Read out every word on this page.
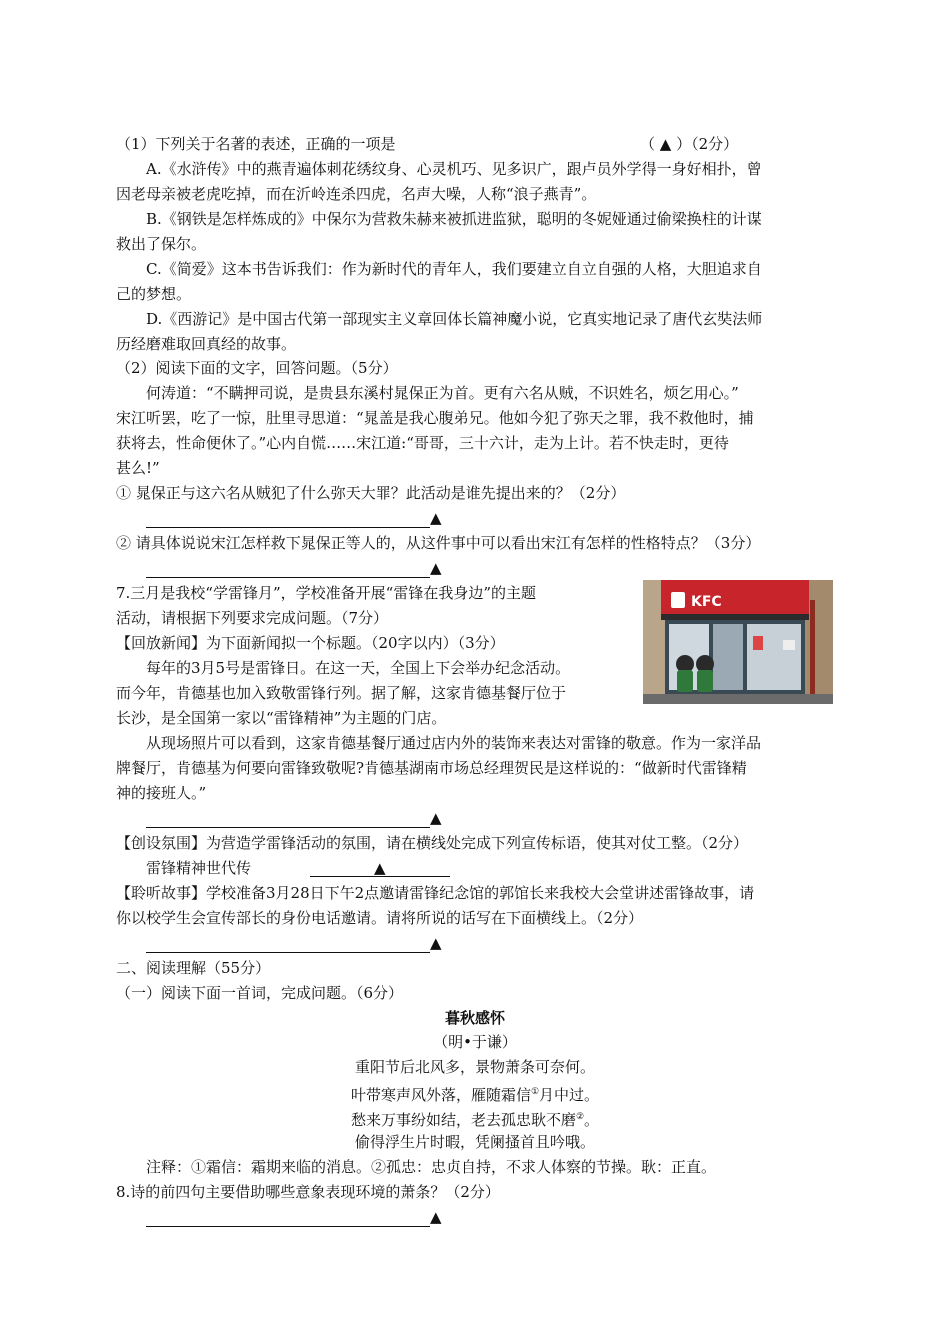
（1）下列关于名著的表述，正确的一项是	（ ▲ ）（2分）
A.《水浒传》中的燕青遍体刺花绣纹身、心灵机巧、见多识广，跟卢员外学得一身好相扑，曾
因老母亲被老虎吃掉，而在沂岭连杀四虎，名声大噪，人称“浪子燕青”。
B.《钢铁是怎样炼成的》中保尔为营救朱赫来被抓进监狱，聪明的冬妮娅通过偷梁换柱的计谋
救出了保尔。
C.《简爱》这本书告诉我们：作为新时代的青年人，我们要建立自立自强的人格，大胆追求自
己的梦想。
D.《西游记》是中国古代第一部现实主义章回体长篇神魔小说，它真实地记录了唐代玄奘法师
历经磨难取回真经的故事。
（2）阅读下面的文字，回答问题。（5分）
何涛道：“不瞒押司说，是贵县东溪村晁保正为首。更有六名从贼，不识姓名，烦乞用心。”
宋江听罢，吃了一惊，肚里寻思道：“晁盖是我心腹弟兄。他如今犯了弥天之罪，我不救他时，捕
获将去，性命便休了。”心内自慌……宋江道:“哥哥，三十六计，走为上计。若不快走时，更待
甚么!”
① 晁保正与这六名从贼犯了什么弥天大罪？此活动是谁先提出来的？（2分）
▲
② 请具体说说宋江怎样救下晁保正等人的，从这件事中可以看出宋江有怎样的性格特点？（3分）
▲
7.三月是我校“学雷锋月”，学校准备开展“雷锋在我身边”的主题
活动，请根据下列要求完成问题。（7分）
【回放新闻】为下面新闻拟一个标题。（20字以内）（3分）
每年的3月5号是雷锋日。在这一天，全国上下会举办纪念活动。
而今年，肯德基也加入致敬雷锋行列。据了解，这家肯德基餐厅位于
长沙，是全国第一家以“雷锋精神”为主题的门店。
从现场照片可以看到，这家肯德基餐厅通过店内外的装饰来表达对雷锋的敬意。作为一家洋品
牌餐厅，肯德基为何要向雷锋致敬呢?肯德基湖南市场总经理贺民是这样说的：“做新时代雷锋精
神的接班人。”
▲
【创设氛围】为营造学雷锋活动的氛围，请在横线处完成下列宣传标语，使其对仗工整。（2分）
雷锋精神世代传	▲
【聆听故事】学校准备3月28日下午2点邀请雷锋纪念馆的郭馆长来我校大会堂讲述雷锋故事，请
你以校学生会宣传部长的身份电话邀请。请将所说的话写在下面横线上。（2分）
▲
KFC
二、阅读理解（55分）
（一）阅读下面一首词，完成问题。（6分）
暮秋感怀
（明•于谦）
重阳节后北风多，景物萧条可奈何。
叶带寒声风外落，雁随霜信①月中过。
愁来万事纷如结，老去孤忠耿不磨②。
偷得浮生片时暇，凭阑搔首且吟哦。
注释：①霜信：霜期来临的消息。②孤忠：忠贞自持，不求人体察的节操。耿：正直。
8.诗的前四句主要借助哪些意象表现环境的萧条？（2分）
▲
